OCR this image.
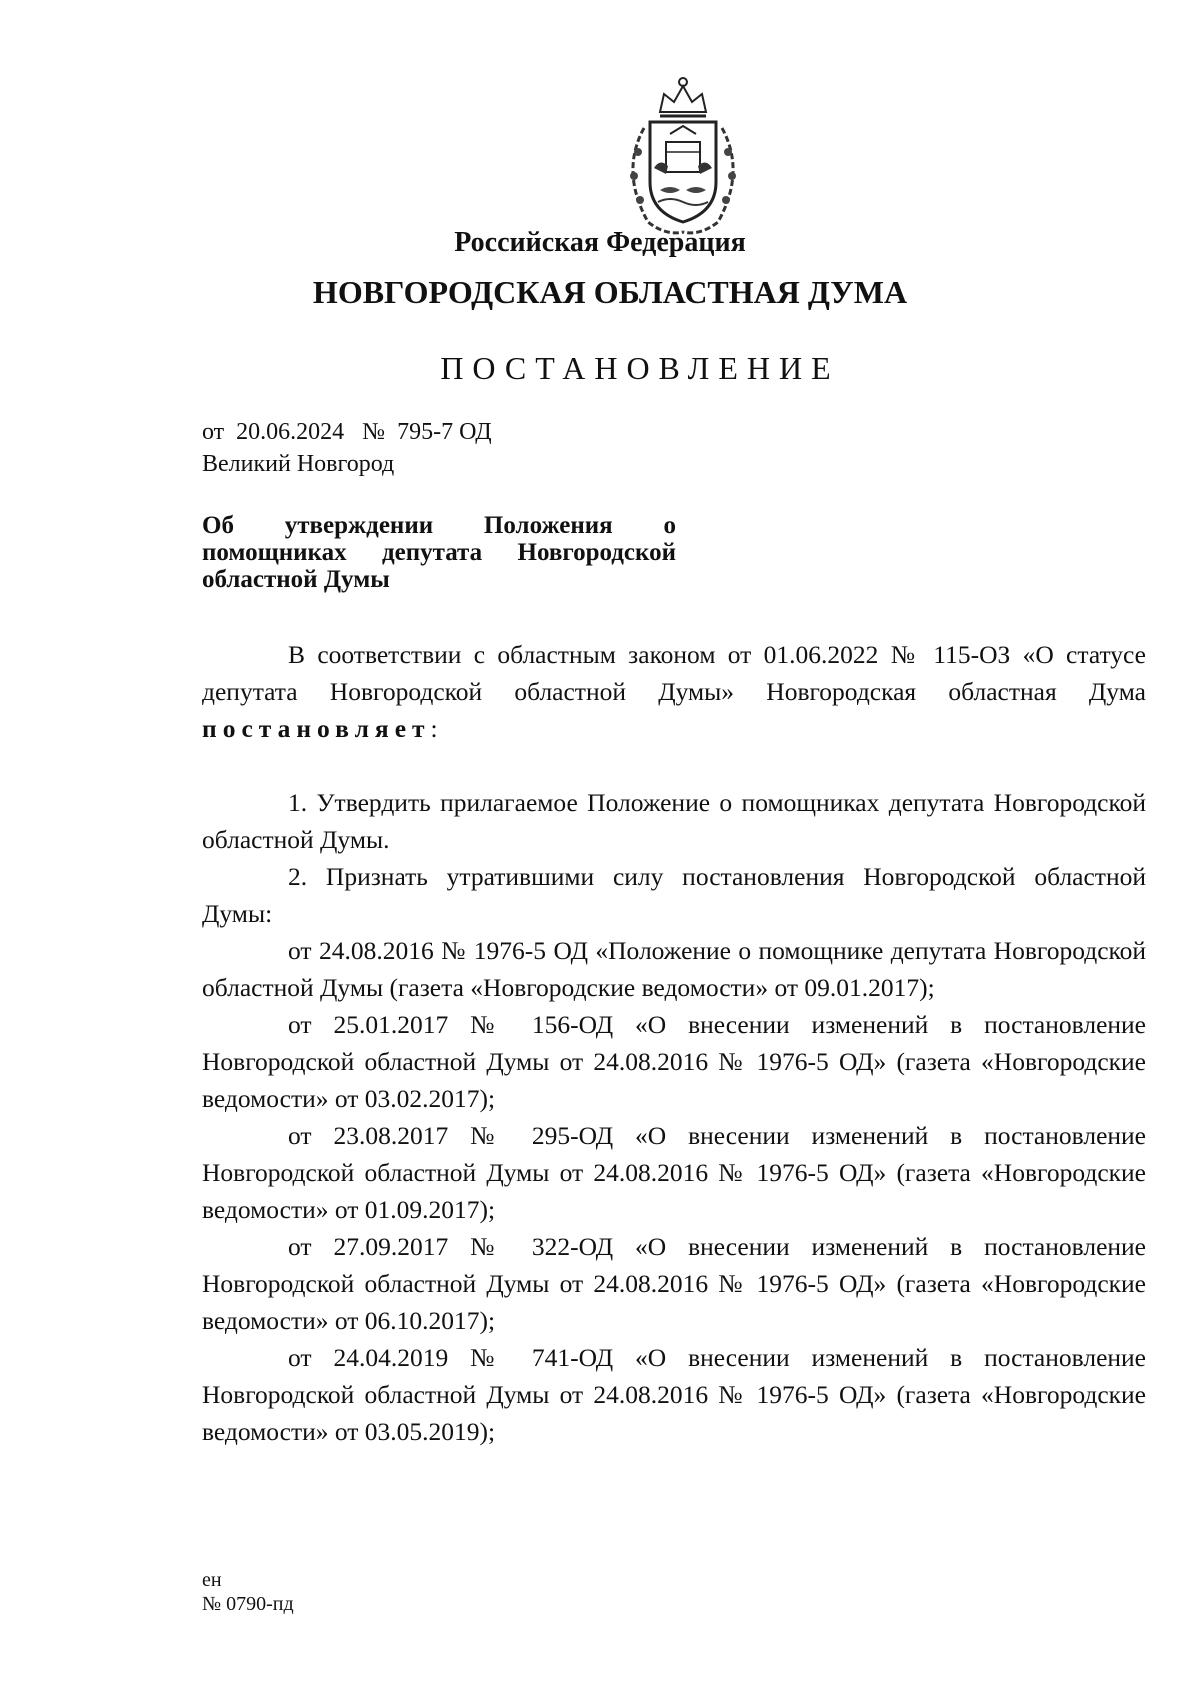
Российская Федерация
НОВГОРОДСКАЯ ОБЛАСТНАЯ ДУМА
ПОСТАНОВЛЕНИЕ
от  20.06.2024   №  795-7 ОД
Великий Новгород
Об утверждении Положения о помощниках депутата Новгородской областной Думы

В соответствии с областным законом от 01.06.2022 № 115-ОЗ «О статусе депутата Новгородской областной Думы» Новгородская областная Дума постановляет:

1. Утвердить прилагаемое Положение о помощниках депутата Новгородской областной Думы.

2. Признать утратившими силу постановления Новгородской областной Думы:

от 24.08.2016 № 1976-5 ОД «Положение о помощнике депутата Новгородской областной Думы (газета «Новгородские ведомости» от 09.01.2017);

от 25.01.2017 № 156-ОД «О внесении изменений в постановление Новгородской областной Думы от 24.08.2016 № 1976-5 ОД» (газета «Новгородские ведомости» от 03.02.2017);

от 23.08.2017 № 295-ОД «О внесении изменений в постановление Новгородской областной Думы от 24.08.2016 № 1976-5 ОД» (газета «Новгородские ведомости» от 01.09.2017);

от 27.09.2017 № 322-ОД «О внесении изменений в постановление Новгородской областной Думы от 24.08.2016 № 1976-5 ОД» (газета «Новгородские ведомости» от 06.10.2017);

от 24.04.2019 № 741-ОД «О внесении изменений в постановление Новгородской областной Думы от 24.08.2016 № 1976-5 ОД» (газета «Новгородские ведомости» от 03.05.2019);

ен
№ 0790-пд
